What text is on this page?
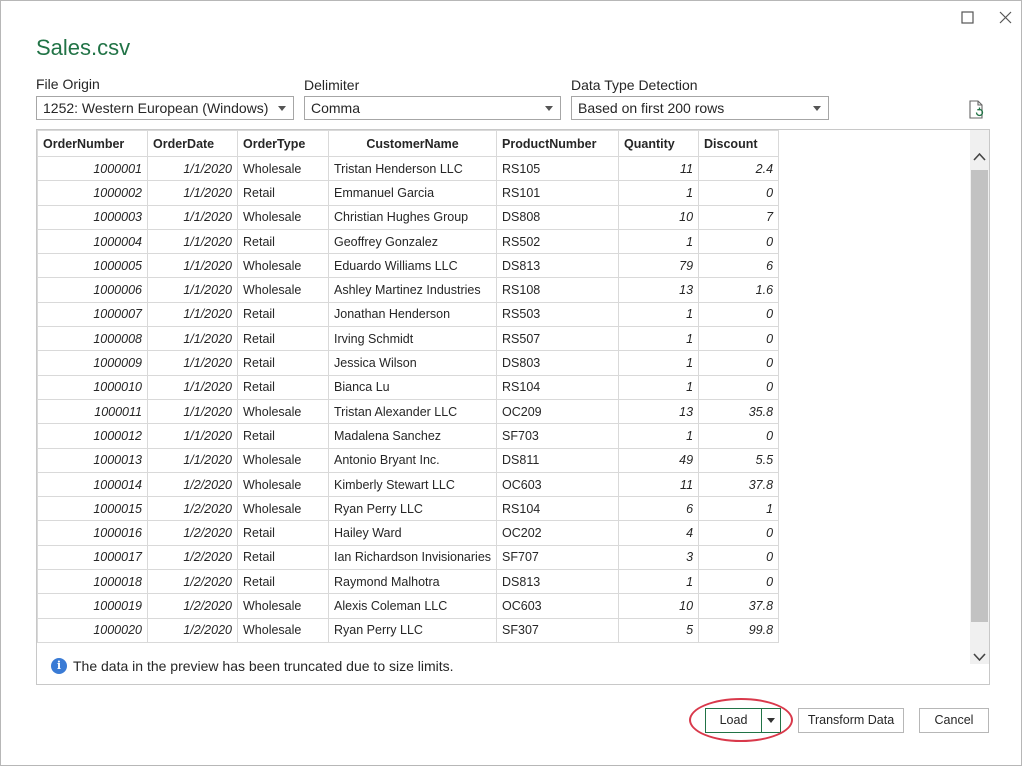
Sales.csv
File Origin
1252: Western European (Windows)
Delimiter
Comma
Data Type Detection
Based on first 200 rows
OrderNumber	OrderDate	OrderType	CustomerName	ProductNumber	Quantity	Discount
1000001	1/1/2020	Wholesale	Tristan Henderson LLC	RS105	11	2.4
1000002	1/1/2020	Retail	Emmanuel Garcia	RS101	1	0
1000003	1/1/2020	Wholesale	Christian Hughes Group	DS808	10	7
1000004	1/1/2020	Retail	Geoffrey Gonzalez	RS502	1	0
1000005	1/1/2020	Wholesale	Eduardo Williams LLC	DS813	79	6
1000006	1/1/2020	Wholesale	Ashley Martinez Industries	RS108	13	1.6
1000007	1/1/2020	Retail	Jonathan Henderson	RS503	1	0
1000008	1/1/2020	Retail	Irving Schmidt	RS507	1	0
1000009	1/1/2020	Retail	Jessica Wilson	DS803	1	0
1000010	1/1/2020	Retail	Bianca Lu	RS104	1	0
1000011	1/1/2020	Wholesale	Tristan Alexander LLC	OC209	13	35.8
1000012	1/1/2020	Retail	Madalena Sanchez	SF703	1	0
1000013	1/1/2020	Wholesale	Antonio Bryant Inc.	DS811	49	5.5
1000014	1/2/2020	Wholesale	Kimberly Stewart LLC	OC603	11	37.8
1000015	1/2/2020	Wholesale	Ryan Perry LLC	RS104	6	1
1000016	1/2/2020	Retail	Hailey Ward	OC202	4	0
1000017	1/2/2020	Retail	Ian Richardson Invisionaries	SF707	3	0
1000018	1/2/2020	Retail	Raymond Malhotra	DS813	1	0
1000019	1/2/2020	Wholesale	Alexis Coleman LLC	OC603	10	37.8
1000020	1/2/2020	Wholesale	Ryan Perry LLC	SF307	5	99.8
i The data in the preview has been truncated due to size limits.
Load	Transform Data	Cancel
